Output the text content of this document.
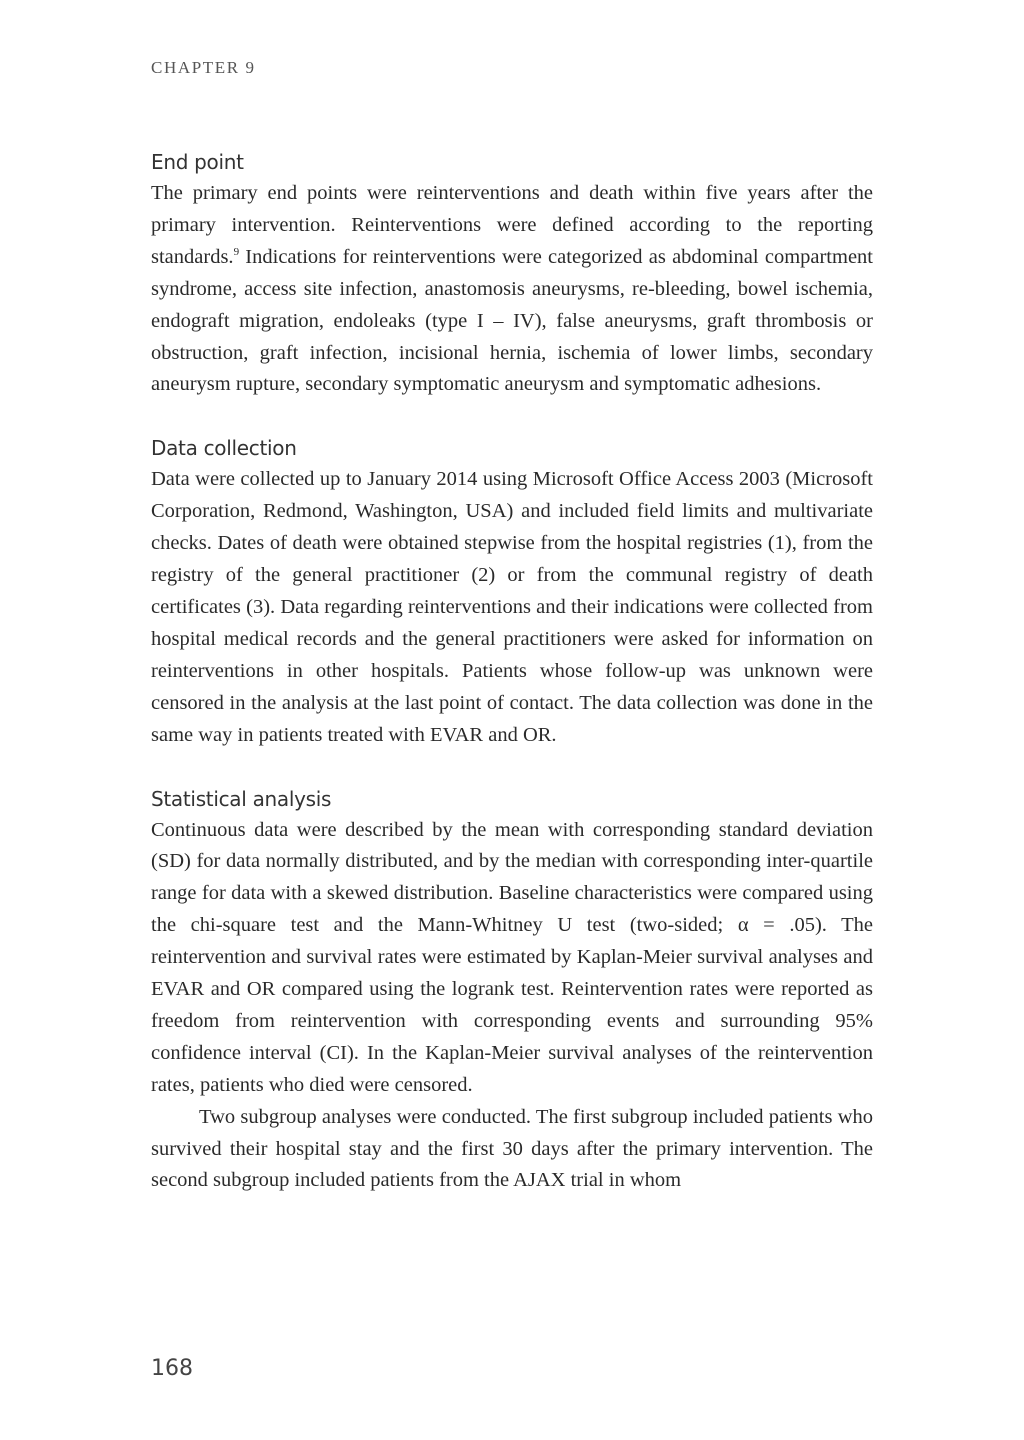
CHAPTER 9
End point

The primary end points were reinterventions and death within five years after the primary intervention. Reinterventions were defined according to the reporting standards.$^9$ Indications for reinterventions were categorized as abdominal compartment syndrome, access site infection, anastomosis aneurysms, re-bleeding, bowel ischemia, endograft migration, endoleaks (type I – IV), false aneurysms, graft thrombosis or obstruction, graft infection, incisional hernia, ischemia of lower limbs, secondary aneurysm rupture, secondary symptomatic aneurysm and symptomatic adhesions.

Data collection

Data were collected up to January 2014 using Microsoft Office Access 2003 (Microsoft Corporation, Redmond, Washington, USA) and included field limits and multivariate checks. Dates of death were obtained stepwise from the hospital registries (1), from the registry of the general practitioner (2) or from the communal registry of death certificates (3). Data regarding reinterventions and their indications were collected from hospital medical records and the general practitioners were asked for information on reinterventions in other hospitals. Patients whose follow-up was unknown were censored in the analysis at the last point of contact. The data collection was done in the same way in patients treated with EVAR and OR.

Statistical analysis

Continuous data were described by the mean with corresponding standard deviation (SD) for data normally distributed, and by the median with corresponding inter-quartile range for data with a skewed distribution. Baseline characteristics were compared using the chi-square test and the Mann-Whitney U test (two-sided; α = .05). The reintervention and survival rates were estimated by Kaplan-Meier survival analyses and EVAR and OR compared using the logrank test. Reintervention rates were reported as freedom from reintervention with corresponding events and surrounding 95% confidence interval (CI). In the Kaplan-Meier survival analyses of the reintervention rates, patients who died were censored.

Two subgroup analyses were conducted. The first subgroup included patients who survived their hospital stay and the first 30 days after the primary intervention. The second subgroup included patients from the AJAX trial in whom

168
